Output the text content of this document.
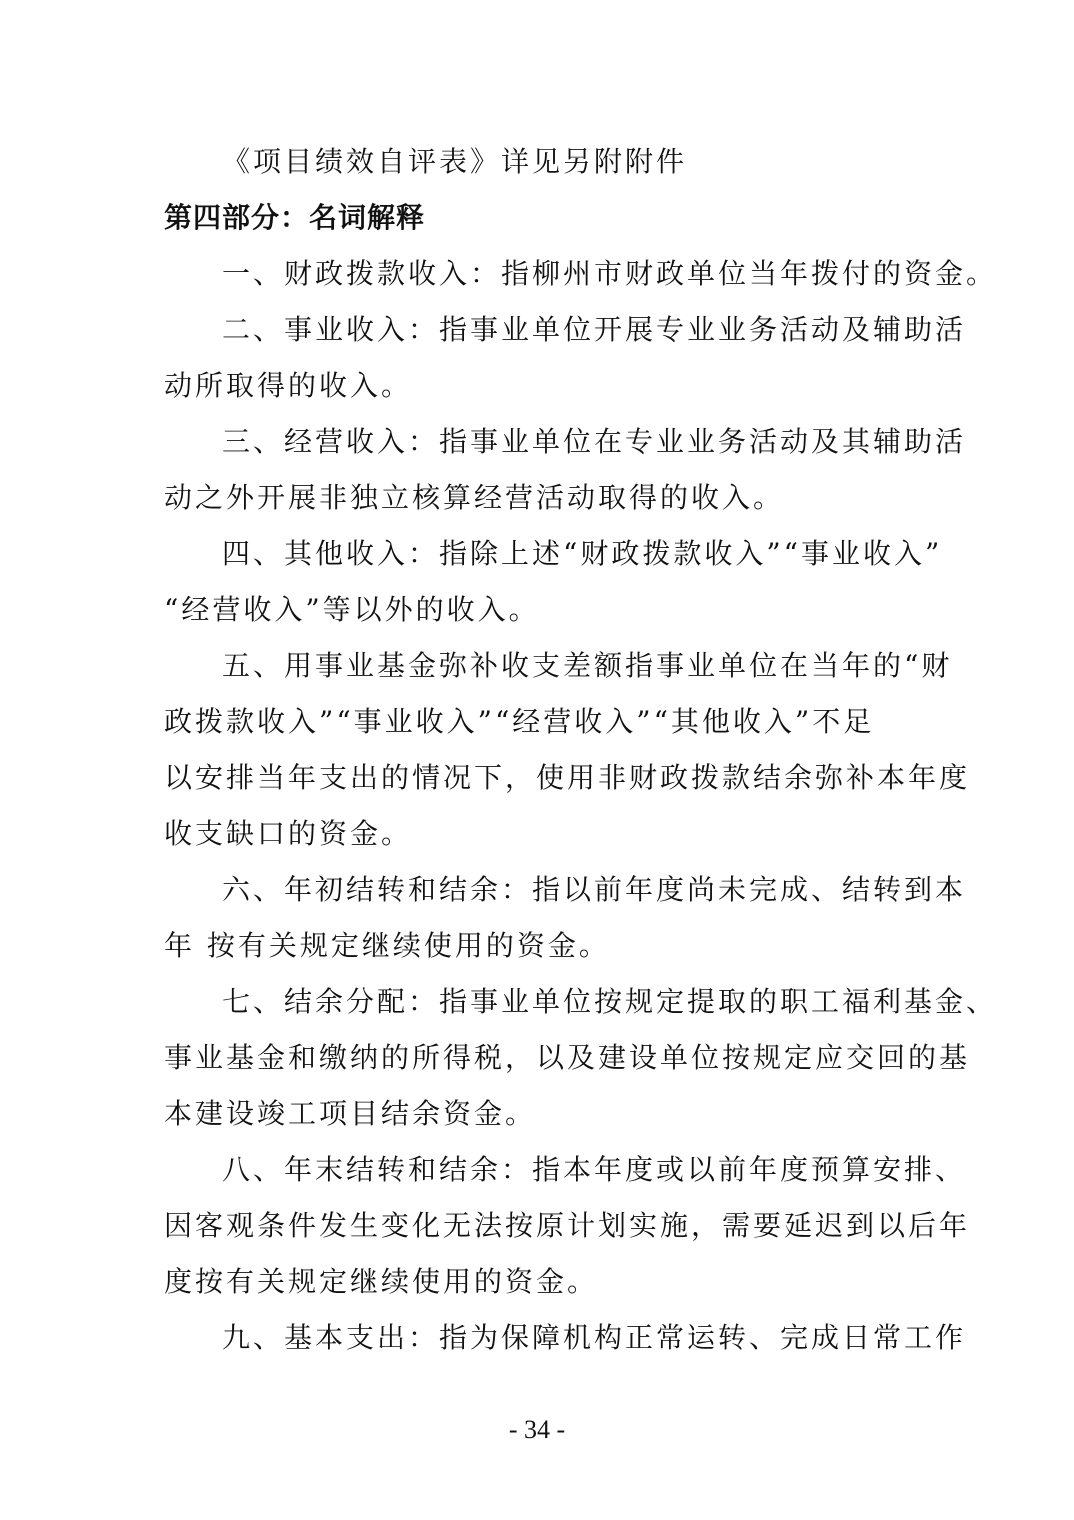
《项目绩效自评表》详见另附附件
第四部分：名词解释
一、财政拨款收入：指柳州市财政单位当年拨付的资金。
二、事业收入：指事业单位开展专业业务活动及辅助活
动所取得的收入。
三、经营收入：指事业单位在专业业务活动及其辅助活
动之外开展非独立核算经营活动取得的收入。
四、其他收入：指除上述“财政拨款收入”“事业收入”
“经营收入”等以外的收入。
五、用事业基金弥补收支差额指事业单位在当年的“财
政拨款收入”“事业收入”“经营收入”“其他收入”不足
以安排当年支出的情况下，使用非财政拨款结余弥补本年度
收支缺口的资金。
六、年初结转和结余：指以前年度尚未完成、结转到本
年 按有关规定继续使用的资金。
七、结余分配：指事业单位按规定提取的职工福利基金、
事业基金和缴纳的所得税，以及建设单位按规定应交回的基
本建设竣工项目结余资金。
八、年末结转和结余：指本年度或以前年度预算安排、
因客观条件发生变化无法按原计划实施，需要延迟到以后年
度按有关规定继续使用的资金。
九、基本支出：指为保障机构正常运转、完成日常工作
- 34 -
